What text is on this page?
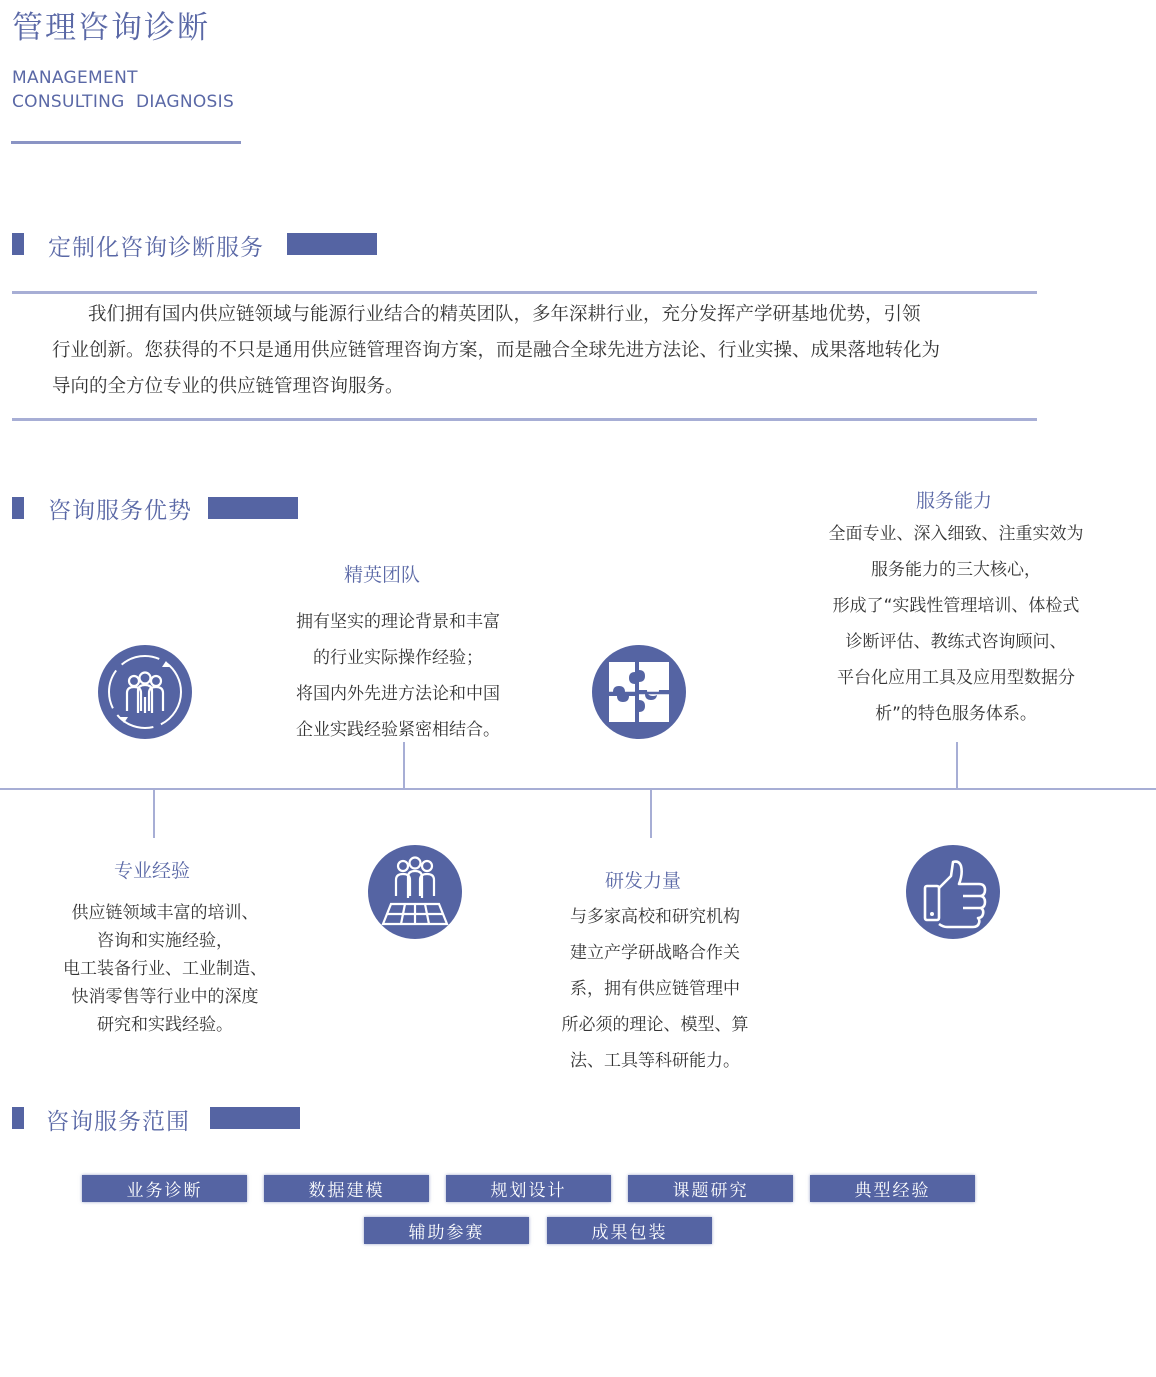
管理咨询诊断
MANAGEMENT
CONSULTING  DIAGNOSIS
定制化咨询诊断服务
我们拥有国内供应链领域与能源行业结合的精英团队，多年深耕行业，充分发挥产学研基地优势，引领
行业创新。您获得的不只是通用供应链管理咨询方案，而是融合全球先进方法论、行业实操、成果落地转化为
导向的全方位专业的供应链管理咨询服务。
咨询服务优势
精英团队
拥有坚实的理论背景和丰富
的行业实际操作经验；
将国内外先进方法论和中国
企业实践经验紧密相结合。
服务能力
全面专业、深入细致、注重实效为
服务能力的三大核心，
形成了“实践性管理培训、体检式
诊断评估、教练式咨询顾问、
平台化应用工具及应用型数据分
析”的特色服务体系。
专业经验
供应链领域丰富的培训、
咨询和实施经验，
电工装备行业、工业制造、
快消零售等行业中的深度
研究和实践经验。
研发力量
与多家高校和研究机构
建立产学研战略合作关
系，拥有供应链管理中
所必须的理论、模型、算
法、工具等科研能力。
咨询服务范围
业务诊断	数据建模	规划设计	课题研究	典型经验
辅助参赛	成果包装
